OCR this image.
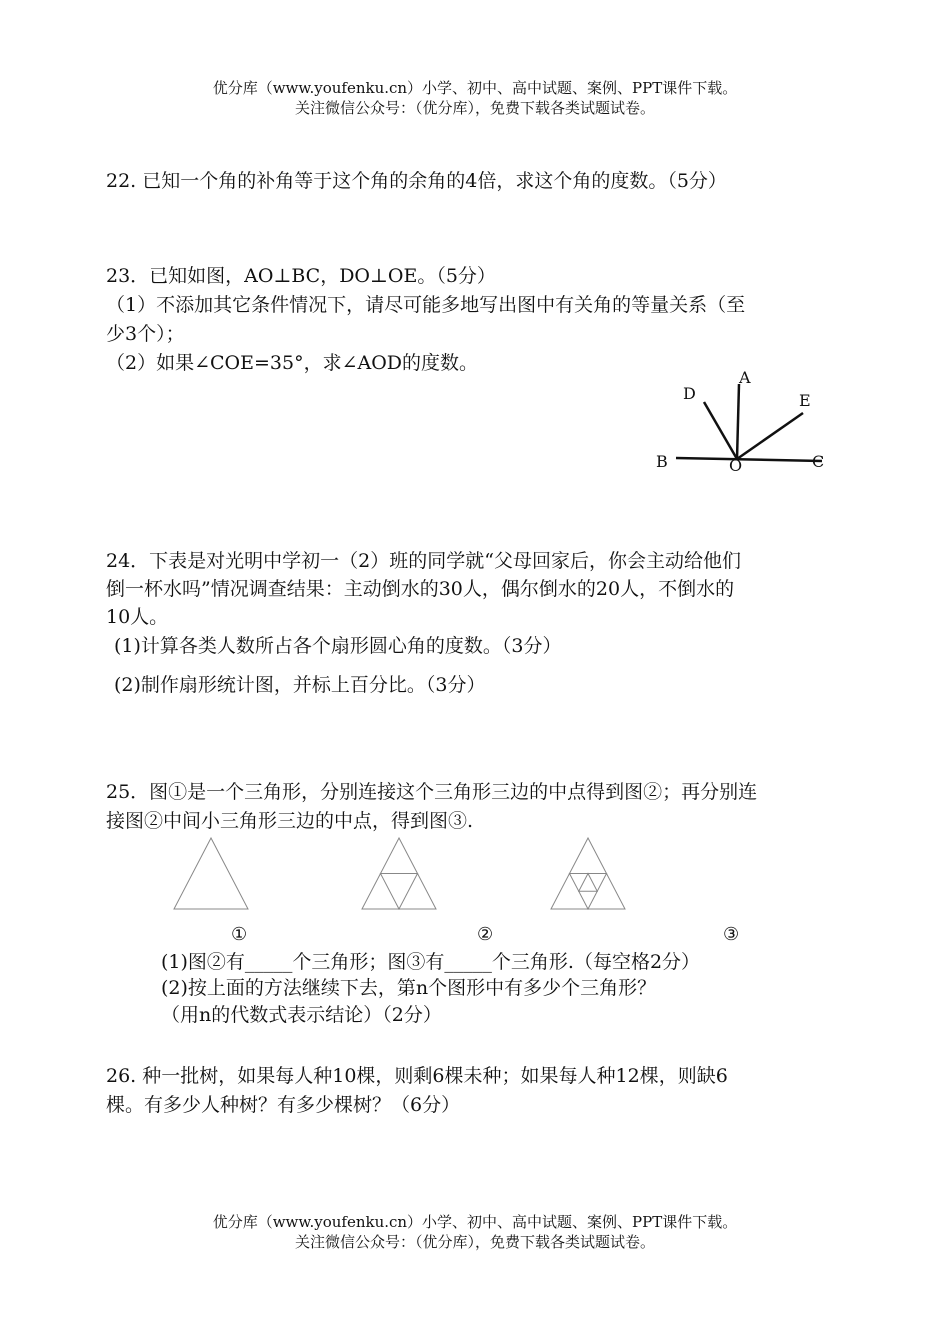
优分库（www.youfenku.cn）小学、初中、高中试题、案例、PPT课件下载。
关注微信公众号：（优分库），免费下载各类试题试卷。
22. 已知一个角的补角等于这个角的余角的4倍，求这个角的度数。（5分）
23．已知如图，AO⊥BC，DO⊥OE。（5分）
（1）不添加其它条件情况下，请尽可能多地写出图中有关角的等量关系（至
少3个）；
（2）如果∠COE=35°，求∠AOD的度数。
A
D	E
B	O	C
24．下表是对光明中学初一（2）班的同学就“父母回家后，你会主动给他们
倒一杯水吗”情况调查结果：主动倒水的30人，偶尔倒水的20人，不倒水的
10人。
(1)计算各类人数所占各个扇形圆心角的度数。（3分）
(2)制作扇形统计图，并标上百分比。（3分）
25．图①是一个三角形，分别连接这个三角形三边的中点得到图②；再分别连
接图②中间小三角形三边的中点，得到图③.
①	②	③
(1)图②有_____个三角形；图③有_____个三角形.（每空格2分）
(2)按上面的方法继续下去，第n个图形中有多少个三角形？
（用n的代数式表示结论）（2分）
26. 种一批树，如果每人种10棵，则剩6棵未种；如果每人种12棵，则缺6
棵。有多少人种树？有多少棵树？（6分）
优分库（www.youfenku.cn）小学、初中、高中试题、案例、PPT课件下载。
关注微信公众号：（优分库），免费下载各类试题试卷。
